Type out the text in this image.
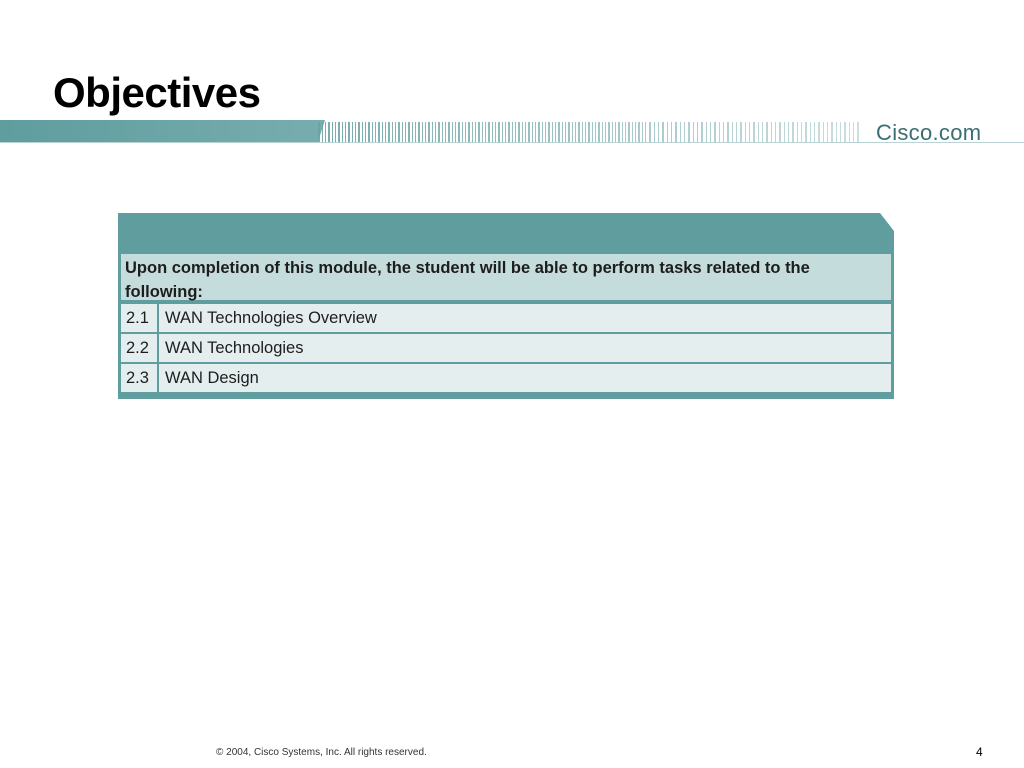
Objectives
Cisco.com
Upon completion of this module, the student will be able to perform tasks related to the following:
2.1 WAN Technologies Overview
2.2 WAN Technologies
2.3 WAN Design
© 2004, Cisco Systems, Inc. All rights reserved.	4
